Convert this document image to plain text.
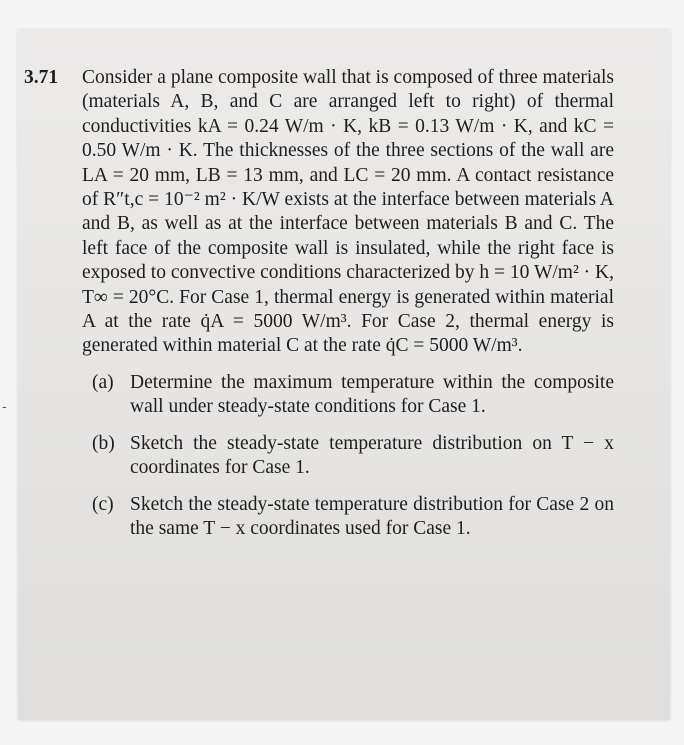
3.71 Consider a plane composite wall that is composed of three materials (materials A, B, and C are arranged left to right) of thermal conductivities kA = 0.24 W/m · K, kB = 0.13 W/m · K, and kC = 0.50 W/m · K. The thicknesses of the three sections of the wall are LA = 20 mm, LB = 13 mm, and LC = 20 mm. A contact resistance of R″t,c = 10⁻² m² · K/W exists at the interface between materials A and B, as well as at the interface between materials B and C. The left face of the composite wall is insulated, while the right face is exposed to convective conditions characterized by h = 10 W/m² · K, T∞ = 20°C. For Case 1, thermal energy is generated within material A at the rate q̇A = 5000 W/m³. For Case 2, thermal energy is generated within material C at the rate q̇C = 5000 W/m³.

(a) Determine the maximum temperature within the composite wall under steady-state conditions for Case 1.
(b) Sketch the steady-state temperature distribution on T − x coordinates for Case 1.
(c) Sketch the steady-state temperature distribution for Case 2 on the same T − x coordinates used for Case 1.
-
